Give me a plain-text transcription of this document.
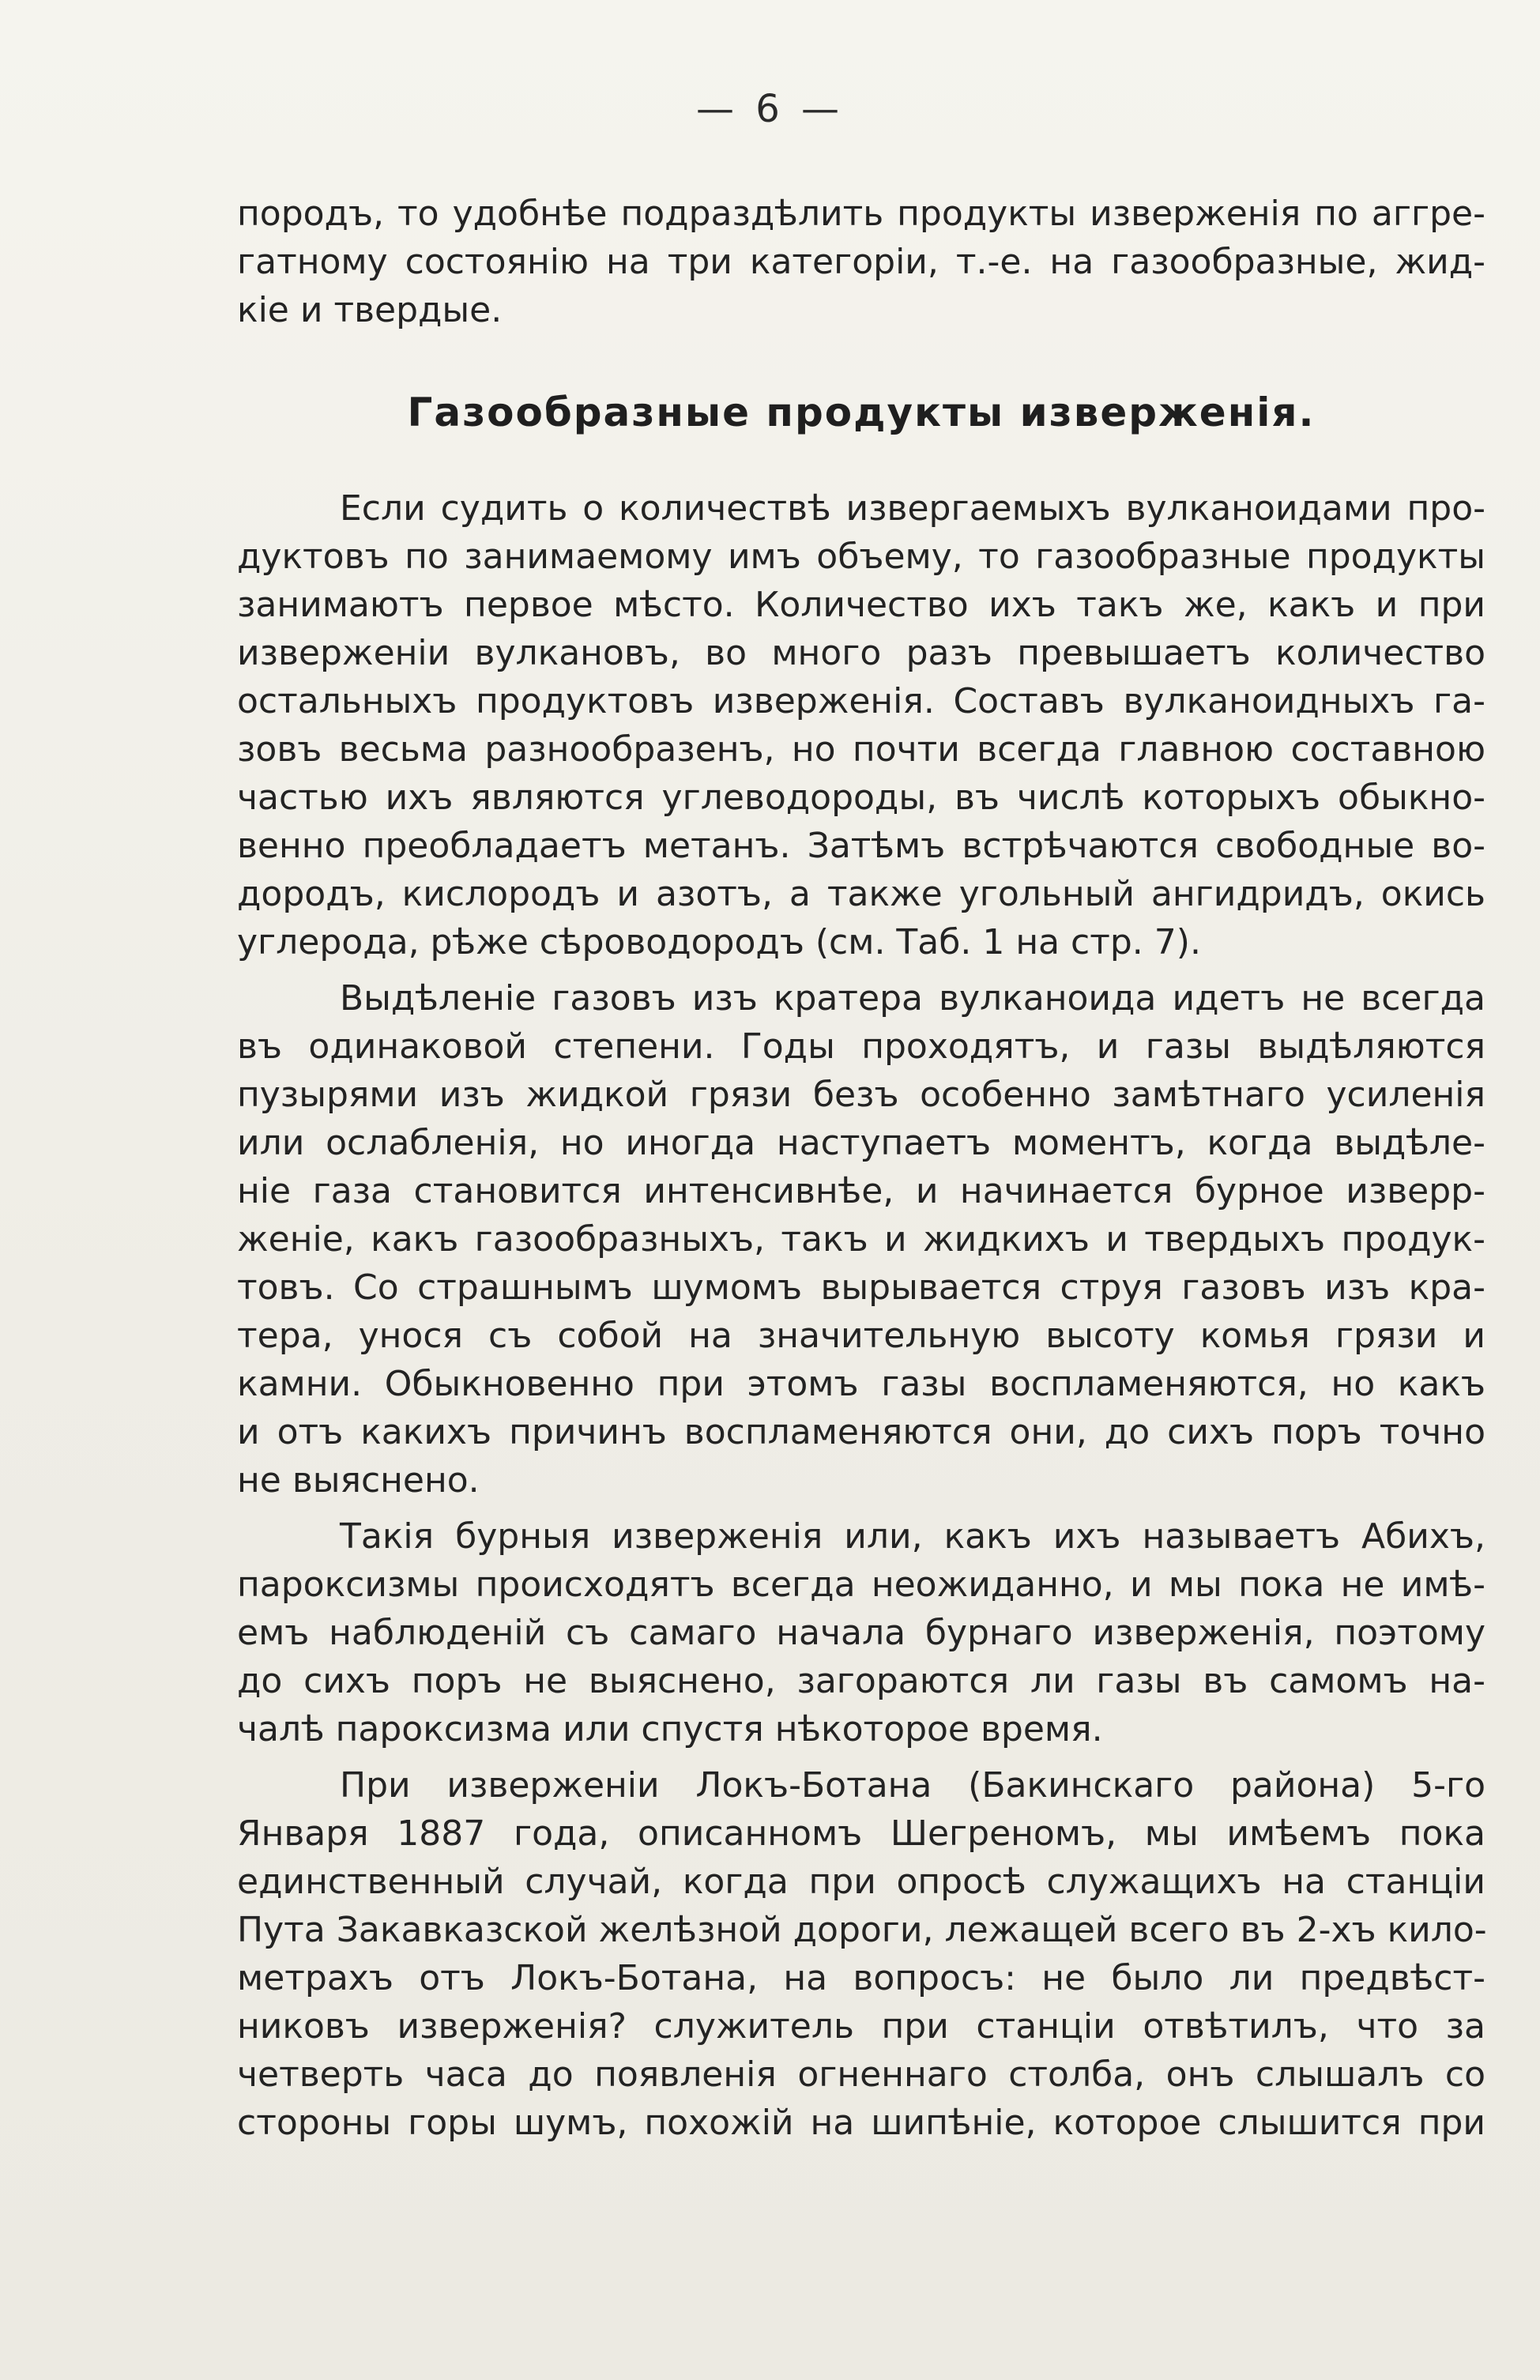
— 6 —
породъ, то удобнѣе подраздѣлить продукты изверженія по аггре-
гатному состоянію на три категоріи, т.-е. на газообразные, жид-
кіе и твердые.
Газообразные продукты изверженія.
Если судить о количествѣ извергаемыхъ вулканоидами про-
дуктовъ по занимаемому имъ объему, то газообразные продукты
занимаютъ первое мѣсто. Количество ихъ такъ же, какъ и при
изверженіи вулкановъ, во много разъ превышаетъ количество
остальныхъ продуктовъ изверженія. Составъ вулканоидныхъ га-
зовъ весьма разнообразенъ, но почти всегда главною составною
частью ихъ являются углеводороды, въ числѣ которыхъ обыкно-
венно преобладаетъ метанъ. Затѣмъ встрѣчаются свободные во-
дородъ, кислородъ и азотъ, а также угольный ангидридъ, окись
углерода, рѣже сѣроводородъ (см. Таб. 1 на стр. 7).
Выдѣленіе газовъ изъ кратера вулканоида идетъ не всегда
въ одинаковой степени. Годы проходятъ, и газы выдѣляются
пузырями изъ жидкой грязи безъ особенно замѣтнаго усиленія
или ослабленія, но иногда наступаетъ моментъ, когда выдѣле-
ніе газа становится интенсивнѣе, и начинается бурное изверр-
женіе, какъ газообразныхъ, такъ и жидкихъ и твердыхъ продук-
товъ. Со страшнымъ шумомъ вырывается струя газовъ изъ кра-
тера, унося съ собой на значительную высоту комья грязи и
камни. Обыкновенно при этомъ газы воспламеняются, но какъ
и отъ какихъ причинъ воспламеняются они, до сихъ поръ точно
не выяснено.
Такія бурныя изверженія или, какъ ихъ называетъ Абихъ,
пароксизмы происходятъ всегда неожиданно, и мы пока не имѣ-
емъ наблюденій съ самаго начала бурнаго изверженія, поэтому
до сихъ поръ не выяснено, загораются ли газы въ самомъ на-
чалѣ пароксизма или спустя нѣкоторое время.
При изверженіи Локъ-Ботана (Бакинскаго района) 5-го
Января 1887 года, описанномъ Шегреномъ, мы имѣемъ пока
единственный случай, когда при опросѣ служащихъ на станціи
Пута Закавказской желѣзной дороги, лежащей всего въ 2-хъ кило-
метрахъ отъ Локъ-Ботана, на вопросъ: не было ли предвѣст-
никовъ изверженія? служитель при станціи отвѣтилъ, что за
четверть часа до появленія огненнаго столба, онъ слышалъ со
стороны горы шумъ, похожій на шипѣніе, которое слышится при
